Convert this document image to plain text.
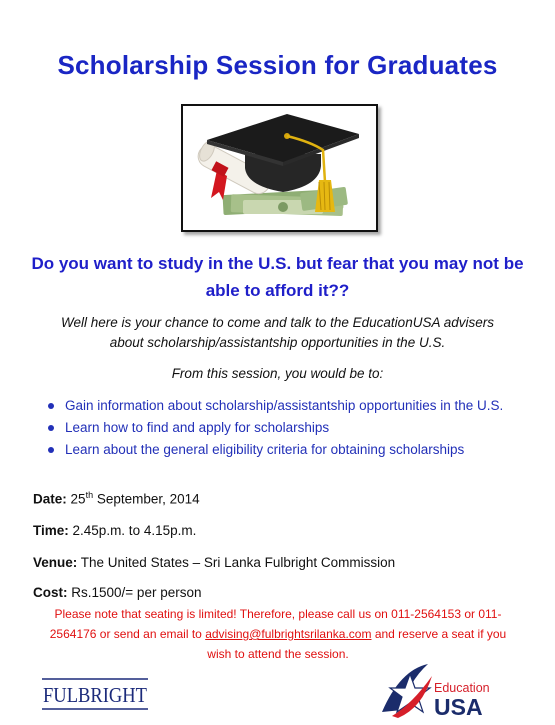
Scholarship Session for Graduates
Do you want to study in the U.S. but fear that you may not be able to afford it??
Well here is your chance to come and talk to the EducationUSA advisers
about scholarship/assistantship opportunities in the U.S.
From this session, you would be to:
Gain information about scholarship/assistantship opportunities in the U.S.
Learn how to find and apply for scholarships
Learn about the general eligibility criteria for obtaining scholarships
Date: 25th September, 2014
Time: 2.45p.m. to 4.15p.m.
Venue: The United States – Sri Lanka Fulbright Commission
Cost: Rs.1500/= per person
Please note that seating is limited! Therefore, please call us on 011-2564153 or 011-
2564176 or send an email to advising@fulbrightsrilanka.com and reserve a seat if you
wish to attend the session.
FULBRIGHT	Education
USA
